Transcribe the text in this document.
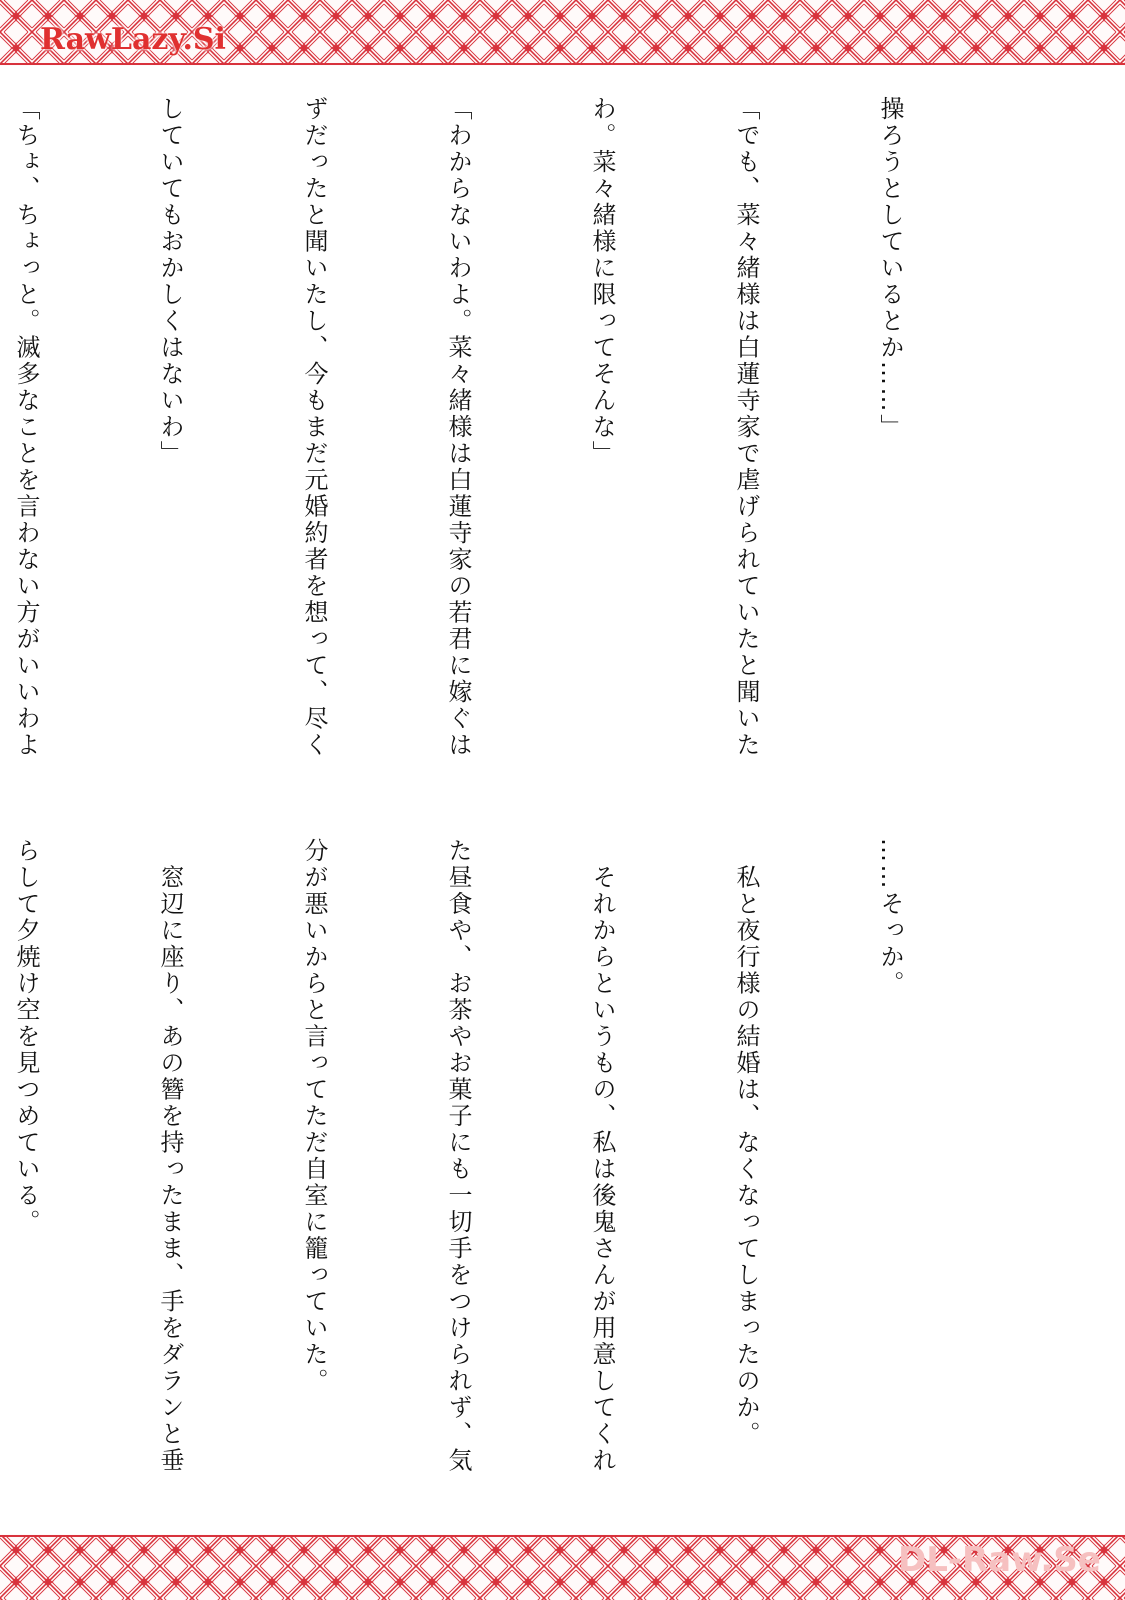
RawLazy.Si

操ろうとしているとか……」

「でも、菜々緒様は白蓮寺家で虐げられていたと聞いた

わ。菜々緒様に限ってそんな」

「わからないわよ。菜々緒様は白蓮寺家の若君に嫁ぐは

ずだったと聞いたし、今もまだ元婚約者を想って、尽く

していてもおかしくはないわ」

「ちょ、ちょっと。滅多なことを言わない方がいいわよ

……そっか。

　私と夜行様の結婚は、なくなってしまったのか。

　それからというもの、私は後鬼さんが用意してくれ

た昼食や、お茶やお菓子にも一切手をつけられず、気

分が悪いからと言ってただ自室に籠っていた。

　窓辺に座り、あの簪を持ったまま、手をダランと垂

らして夕焼け空を見つめている。

DL-Raw.Se
